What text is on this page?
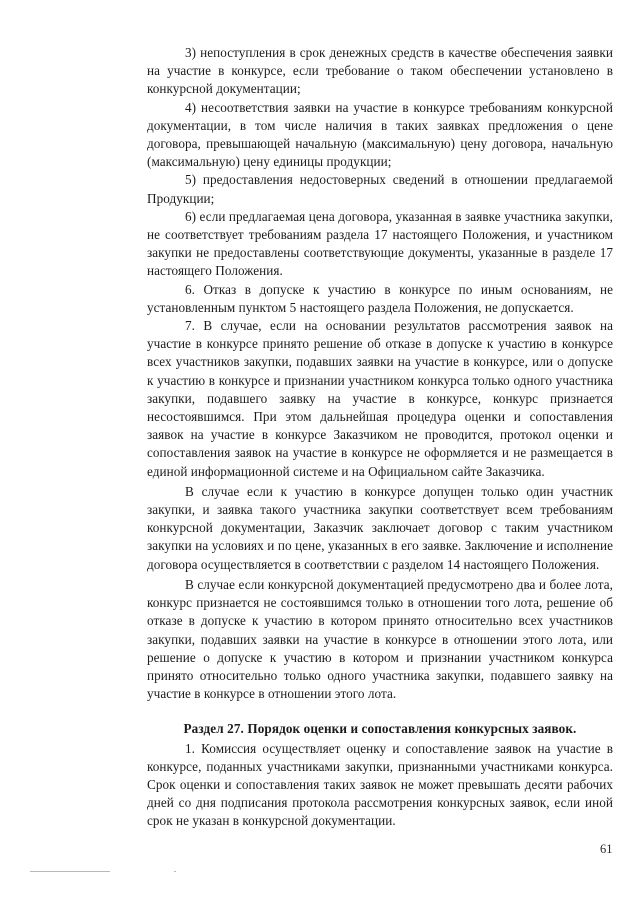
3) непоступления в срок денежных средств в качестве обеспечения заявки на участие в конкурсе, если требование о таком обеспечении установлено в конкурсной документации;

4) несоответствия заявки на участие в конкурсе требованиям конкурсной документации, в том числе наличия в таких заявках предложения о цене договора, превышающей начальную (максимальную) цену договора, начальную (максимальную) цену единицы продукции;

5) предоставления недостоверных сведений в отношении предлагаемой Продукции;

6) если предлагаемая цена договора, указанная в заявке участника закупки, не соответствует требованиям раздела 17 настоящего Положения, и участником закупки не предоставлены соответствующие документы, указанные в разделе 17 настоящего Положения.

6. Отказ в допуске к участию в конкурсе по иным основаниям, не установленным пунктом 5 настоящего раздела Положения, не допускается.

7. В случае, если на основании результатов рассмотрения заявок на участие в конкурсе принято решение об отказе в допуске к участию в конкурсе всех участников закупки, подавших заявки на участие в конкурсе, или о допуске к участию в конкурсе и признании участником конкурса только одного участника закупки, подавшего заявку на участие в конкурсе, конкурс признается несостоявшимся. При этом дальнейшая процедура оценки и сопоставления заявок на участие в конкурсе Заказчиком не проводится, протокол оценки и сопоставления заявок на участие в конкурсе не оформляется и не размещается в единой информационной системе и на Официальном сайте Заказчика.

В случае если к участию в конкурсе допущен только один участник закупки, и заявка такого участника закупки соответствует всем требованиям конкурсной документации, Заказчик заключает договор с таким участником закупки на условиях и по цене, указанных в его заявке. Заключение и исполнение договора осуществляется в соответствии с разделом 14 настоящего Положения.

В случае если конкурсной документацией предусмотрено два и более лота, конкурс признается не состоявшимся только в отношении того лота, решение об отказе в допуске к участию в котором принято относительно всех участников закупки, подавших заявки на участие в конкурсе в отношении этого лота, или решение о допуске к участию в котором и признании участником конкурса принято относительно только одного участника закупки, подавшего заявку на участие в конкурсе в отношении этого лота.

Раздел 27. Порядок оценки и сопоставления конкурсных заявок.

1. Комиссия осуществляет оценку и сопоставление заявок на участие в конкурсе, поданных участниками закупки, признанными участниками конкурса. Срок оценки и сопоставления таких заявок не может превышать десяти рабочих дней со дня подписания протокола рассмотрения конкурсных заявок, если иной срок не указан в конкурсной документации.

61
